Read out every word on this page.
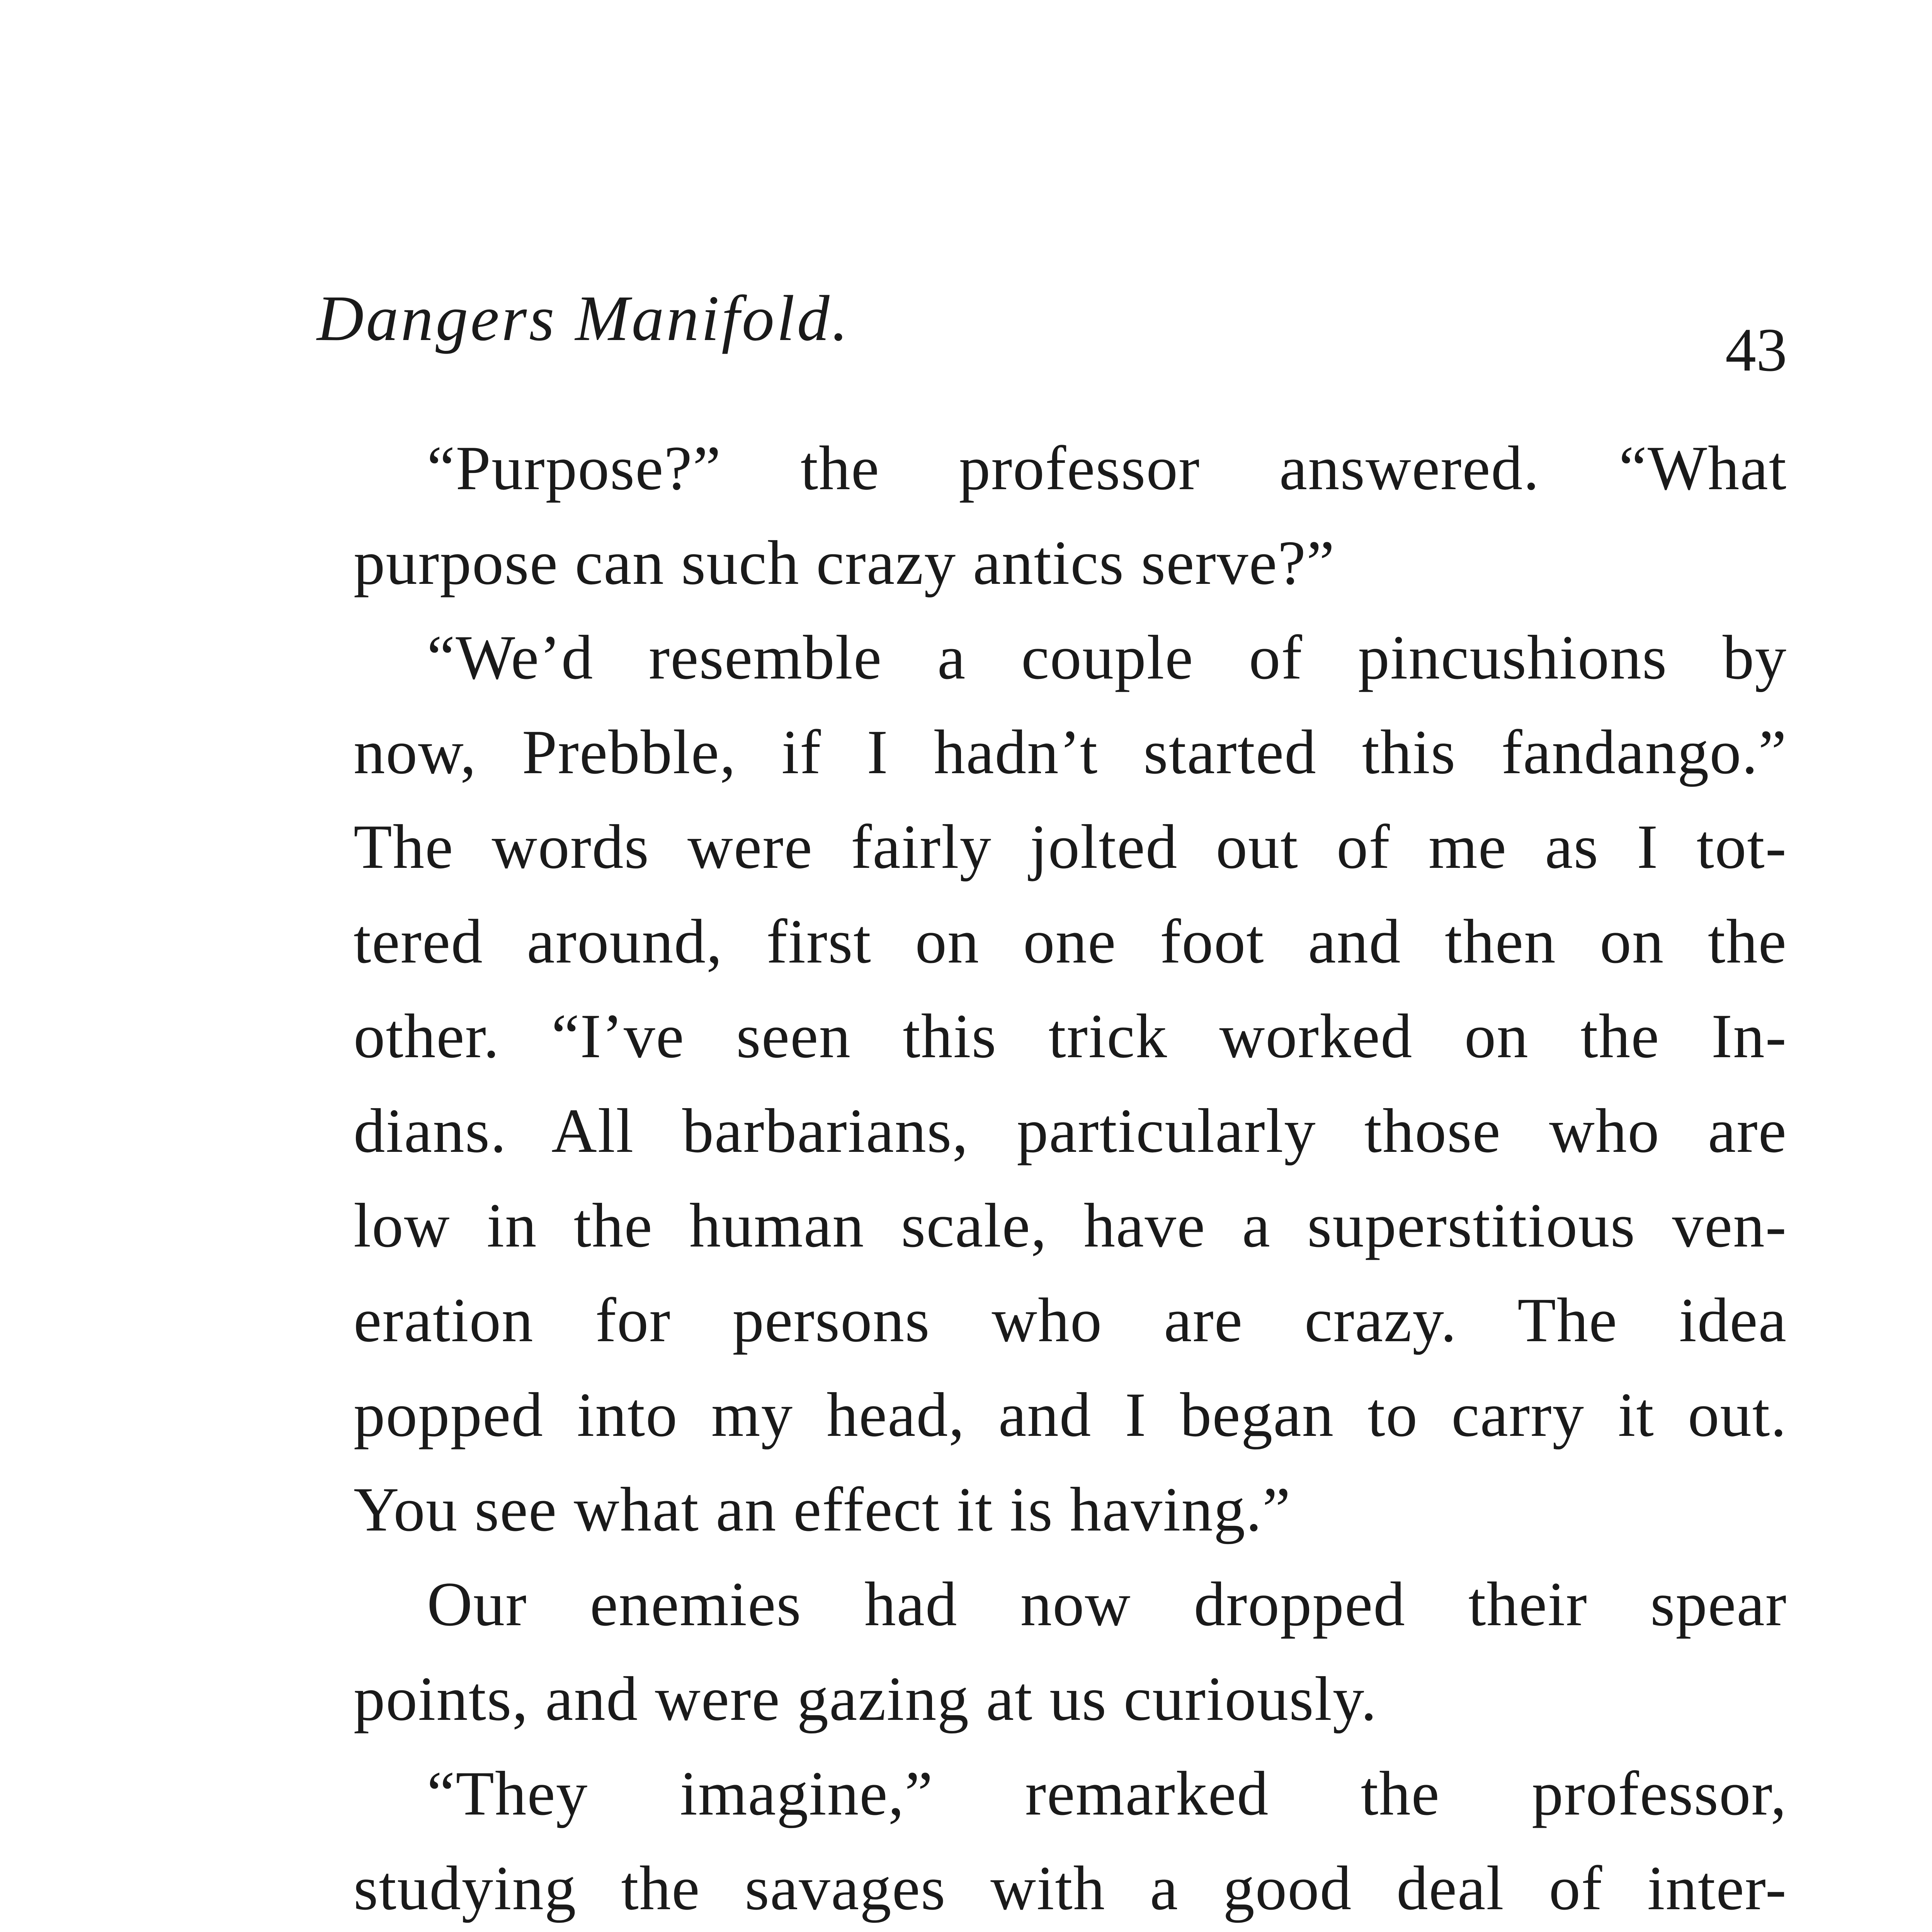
Dangers Manifold.	43
“Purpose?” the professor answered. “What
purpose can such crazy antics serve?”
“We’d resemble a couple of pincushions by
now, Prebble, if I hadn’t started this fandango.”
The words were fairly jolted out of me as I tot-
tered around, first on one foot and then on the
other. “I’ve seen this trick worked on the In-
dians. All barbarians, particularly those who are
low in the human scale, have a superstitious ven-
eration for persons who are crazy. The idea
popped into my head, and I began to carry it out.
You see what an effect it is having.”
Our enemies had now dropped their spear
points, and were gazing at us curiously.
“They imagine,” remarked the professor,
studying the savages with a good deal of inter-
